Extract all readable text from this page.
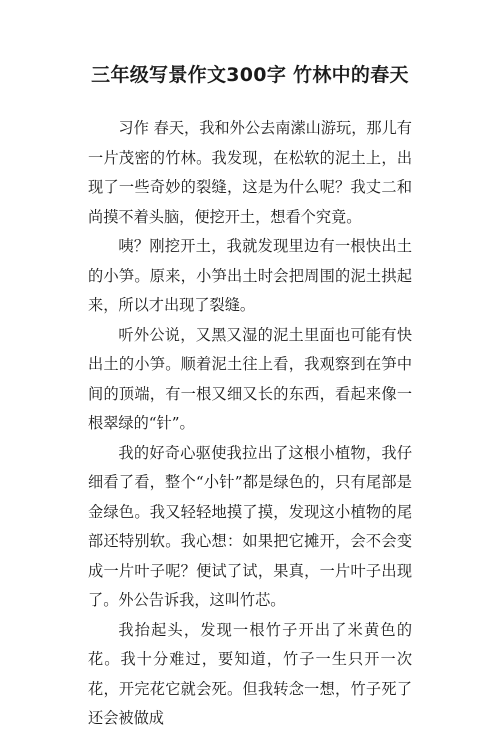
三年级写景作文300字 竹林中的春天

习作 春天，我和外公去南潆山游玩，那儿有一片茂密的竹林。我发现，在松软的泥土上，出现了一些奇妙的裂缝，这是为什么呢？我丈二和尚摸不着头脑，便挖开土，想看个究竟。

咦？刚挖开土，我就发现里边有一根快出土的小笋。原来，小笋出土时会把周围的泥土拱起来，所以才出现了裂缝。

听外公说，又黑又湿的泥土里面也可能有快出土的小笋。顺着泥土往上看，我观察到在笋中间的顶端，有一根又细又长的东西，看起来像一根翠绿的“针”。

我的好奇心驱使我拉出了这根小植物，我仔细看了看，整个“小针”都是绿色的，只有尾部是金绿色。我又轻轻地摸了摸，发现这小植物的尾部还特别软。我心想：如果把它摊开，会不会变成一片叶子呢？便试了试，果真，一片叶子出现了。外公告诉我，这叫竹芯。

我抬起头，发现一根竹子开出了米黄色的花。我十分难过，要知道，竹子一生只开一次花，开完花它就会死。但我转念一想，竹子死了还会被做成
